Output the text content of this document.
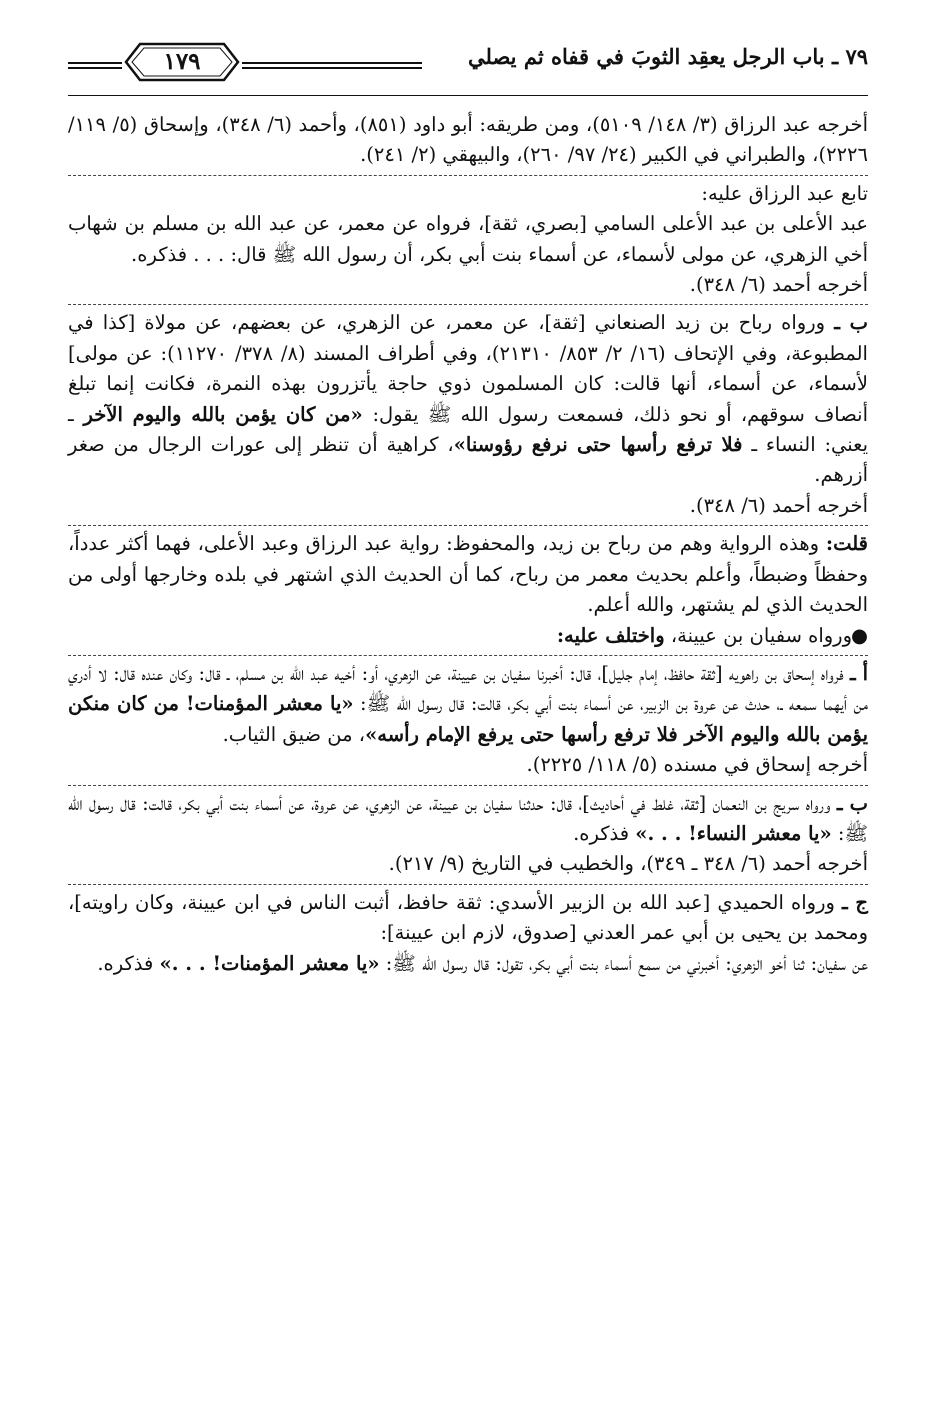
١٧٩	٧٩ ـ باب الرجل يعقِد الثوبَ في قفاه ثم يصلي

أخرجه عبد الرزاق (٣/ ١٤٨/ ٥١٠٩)، ومن طريقه: أبو داود (٨٥١)، وأحمد (٦/ ٣٤٨)، وإسحاق (٥/ ١١٩/ ٢٢٢٦)، والطبراني في الكبير (٢٤/ ٩٧/ ٢٦٠)، والبيهقي (٢/ ٢٤١).

تابع عبد الرزاق عليه:

عبد الأعلى بن عبد الأعلى السامي [بصري، ثقة]، فرواه عن معمر، عن عبد الله بن مسلم بن شهاب أخي الزهري، عن مولى لأسماء، عن أسماء بنت أبي بكر، أن رسول الله ﷺ قال: . . . فذكره.

أخرجه أحمد (٦/ ٣٤٨).

ب ـ ورواه رباح بن زيد الصنعاني [ثقة]، عن معمر، عن الزهري، عن بعضهم، عن مولاة [كذا في المطبوعة، وفي الإتحاف (١٦/ ٢/ ٨٥٣/ ٢١٣١٠)، وفي أطراف المسند (٨/ ٣٧٨/ ١١٢٧٠): عن مولى] لأسماء، عن أسماء، أنها قالت: كان المسلمون ذوي حاجة يأتزرون بهذه النمرة، فكانت إنما تبلغ أنصاف سوقهم، أو نحو ذلك، فسمعت رسول الله ﷺ يقول: «من كان يؤمن بالله واليوم الآخر ـ يعني: النساء ـ فلا ترفع رأسها حتى نرفع رؤوسنا»، كراهية أن تنظر إلى عورات الرجال من صغر أزرهم.

أخرجه أحمد (٦/ ٣٤٨).

قلت: وهذه الرواية وهم من رباح بن زيد، والمحفوظ: رواية عبد الرزاق وعبد الأعلى، فهما أكثر عدداً، وحفظاً وضبطاً، وأعلم بحديث معمر من رباح، كما أن الحديث الذي اشتهر في بلده وخارجها أولى من الحديث الذي لم يشتهر، والله أعلم.

●ورواه سفيان بن عيينة، واختلف عليه:

أ ـ فرواه إسحاق بن راهويه [ثقة حافظ، إمام جليل]، قال: أخبرنا سفيان بن عيينة، عن الزهري، أو: أخيه عبد الله بن مسلم، ـ قال: وكان عنده قال: لا أدري من أيهما سمعه ـ، حدث عن عروة بن الزبير، عن أسماء بنت أبي بكر، قالت: قال رسول الله ﷺ: «يا معشر المؤمنات! من كان منكن يؤمن بالله واليوم الآخر فلا ترفع رأسها حتى يرفع الإمام رأسه»، من ضيق الثياب.

أخرجه إسحاق في مسنده (٥/ ١١٨/ ٢٢٢٥).

ب ـ ورواه سريج بن النعمان [ثقة، غلط في أحاديث]، قال: حدثنا سفيان بن عيينة، عن الزهري، عن عروة، عن أسماء بنت أبي بكر، قالت: قال رسول الله ﷺ: «يا معشر النساء! . . .» فذكره.

أخرجه أحمد (٦/ ٣٤٨ ـ ٣٤٩)، والخطيب في التاريخ (٩/ ٢١٧).

ج ـ ورواه الحميدي [عبد الله بن الزبير الأسدي: ثقة حافظ، أثبت الناس في ابن عيينة، وكان راويته]، ومحمد بن يحيى بن أبي عمر العدني [صدوق، لازم ابن عيينة]:

عن سفيان: ثنا أخو الزهري: أخبرني من سمع أسماء بنت أبي بكر، تقول: قال رسول الله ﷺ: «يا معشر المؤمنات! . . .» فذكره.
